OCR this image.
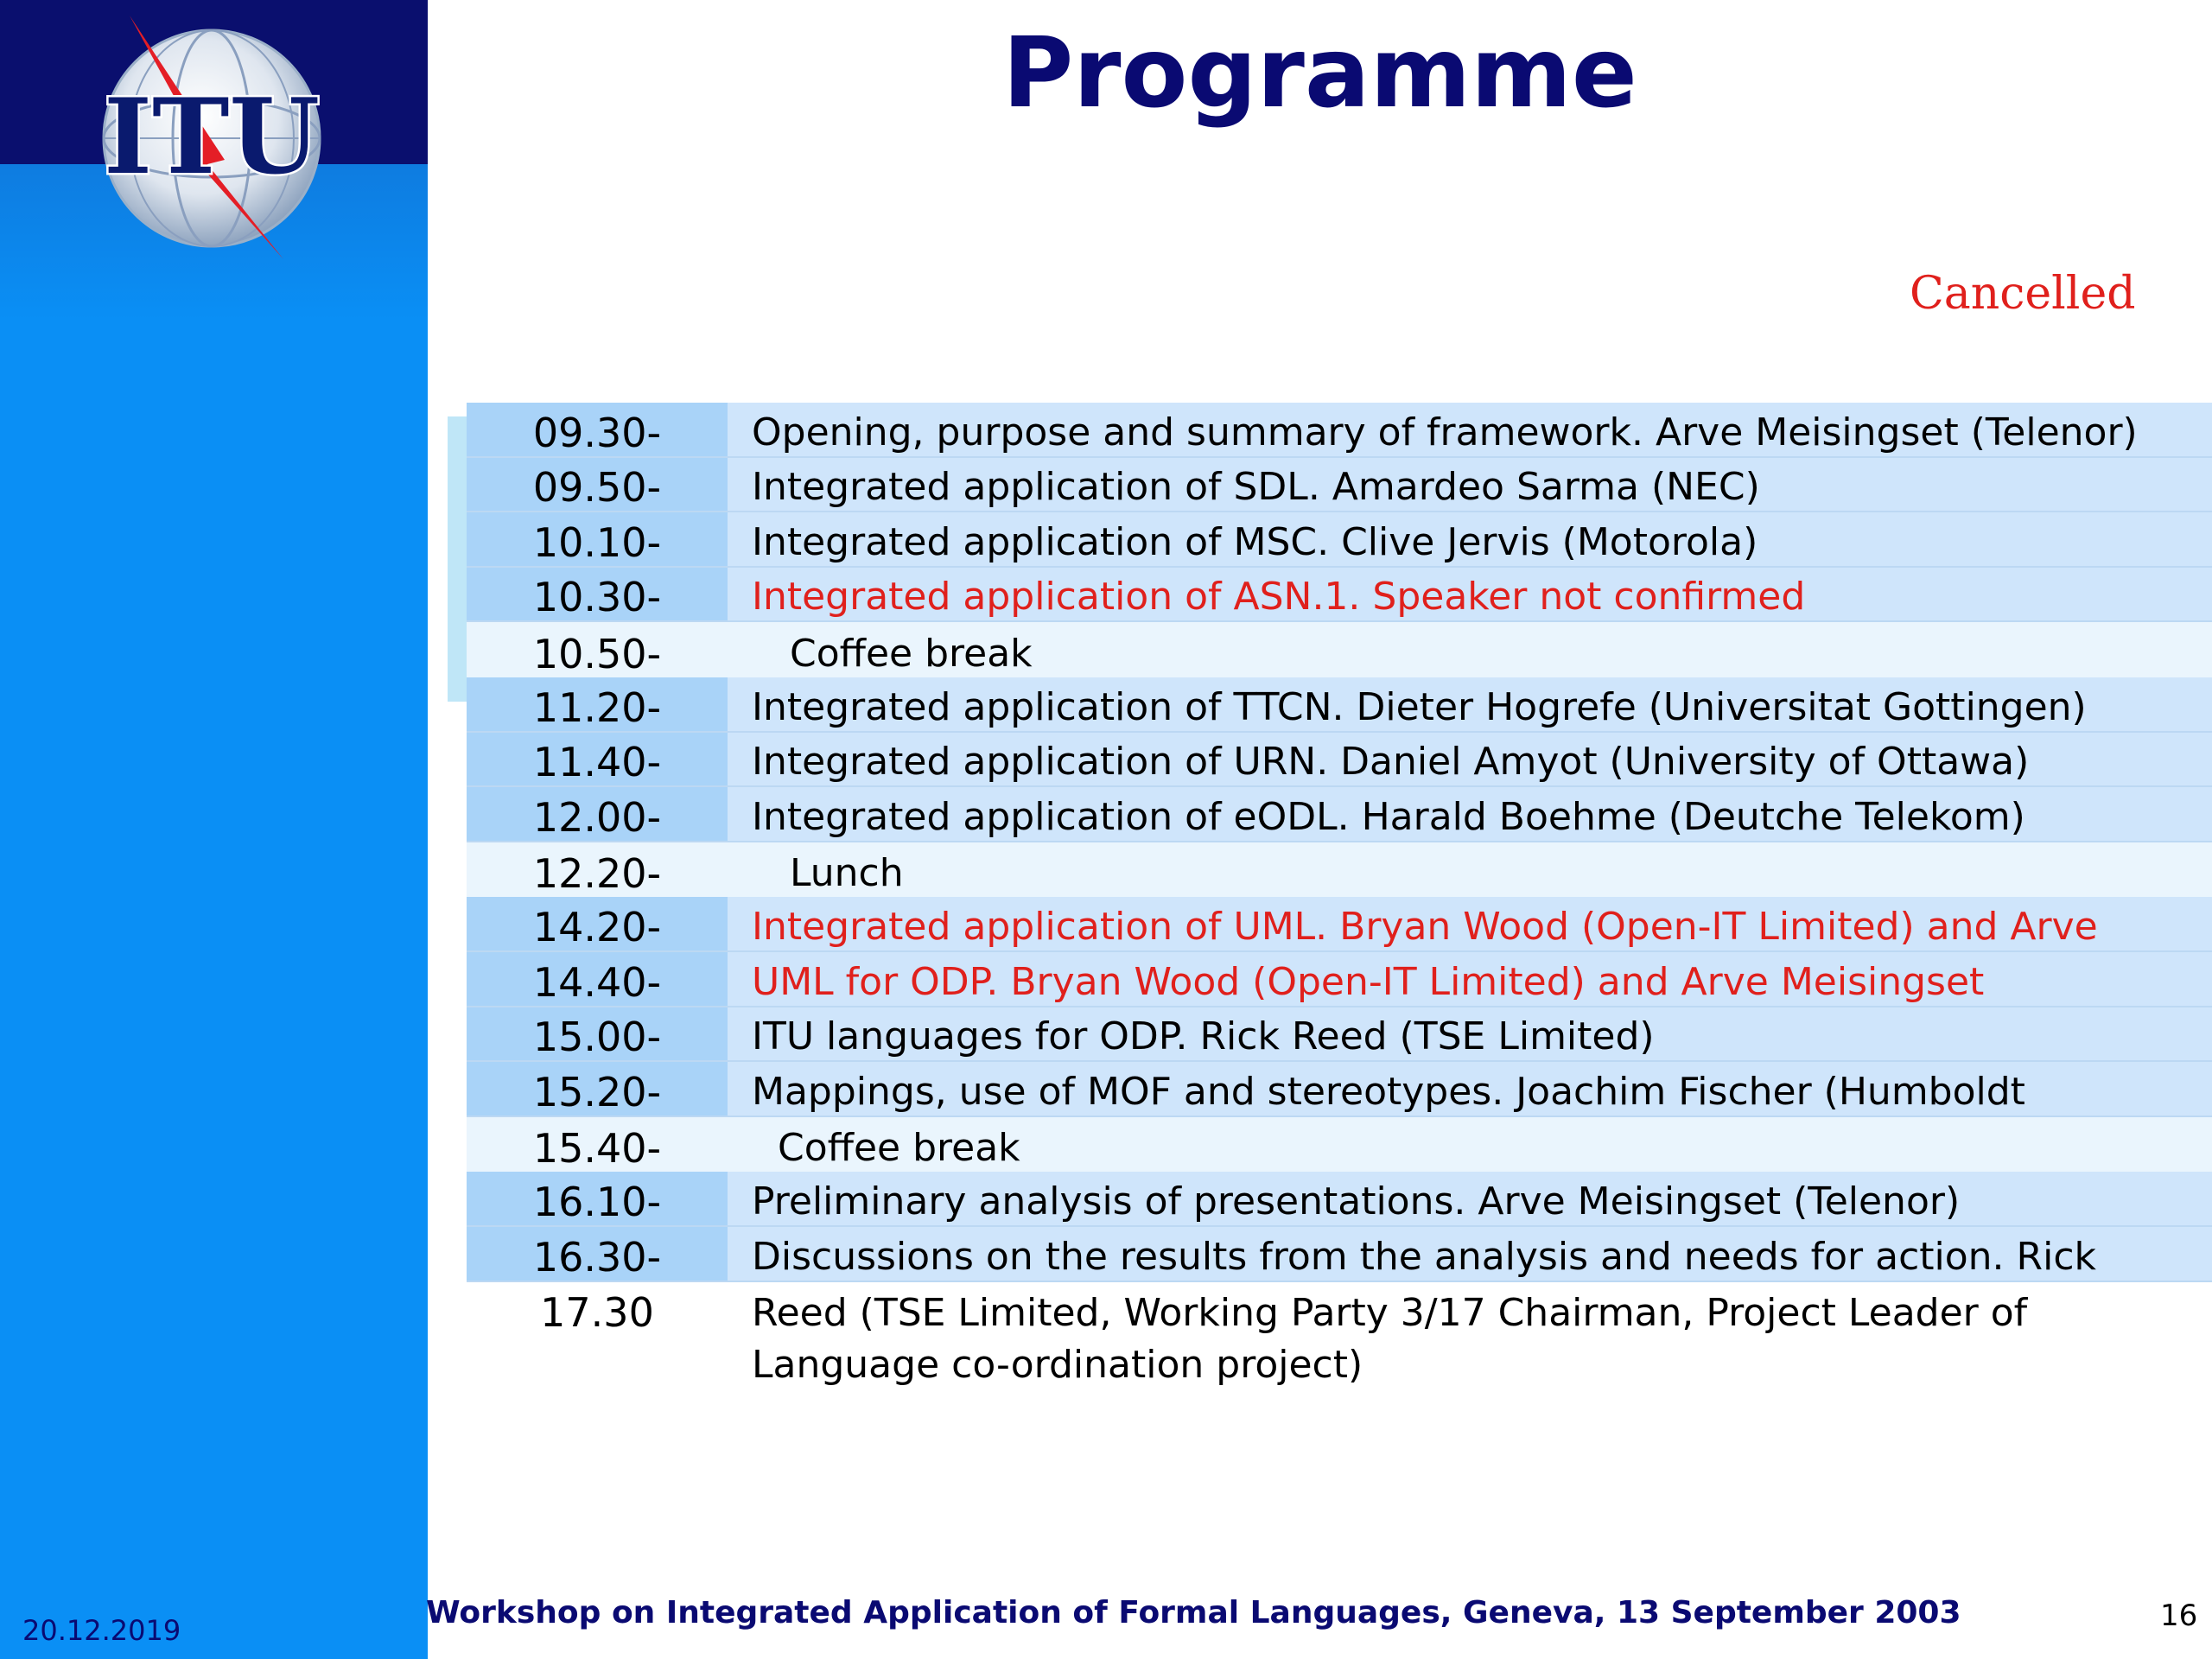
ITU
Programme
Cancelled
09.30-	Opening, purpose and summary of framework. Arve Meisingset (Telenor)
09.50-	Integrated application of SDL. Amardeo Sarma (NEC)
10.10-	Integrated application of MSC. Clive Jervis (Motorola)
10.30-	Integrated application of ASN.1. Speaker not confirmed
10.50-	Coffee break
11.20-	Integrated application of TTCN. Dieter Hogrefe (Universitat Gottingen)
11.40-	Integrated application of URN. Daniel Amyot (University of Ottawa)
12.00-	Integrated application of eODL. Harald Boehme (Deutche Telekom)
12.20-	Lunch
14.20-	Integrated application of UML. Bryan Wood (Open-IT Limited) and Arve
14.40-	UML for ODP. Bryan Wood (Open-IT Limited) and Arve Meisingset
15.00-	ITU languages for ODP. Rick Reed (TSE Limited)
15.20-	Mappings, use of MOF and stereotypes. Joachim Fischer (Humboldt
15.40-	Coffee break
16.10-	Preliminary analysis of presentations. Arve Meisingset (Telenor)
16.30-	Discussions on the results from the analysis and needs for action. Rick
17.30	Reed (TSE Limited, Working Party 3/17 Chairman, Project Leader of Language co-ordination project)
20.12.2019	Workshop on Integrated Application of Formal Languages, Geneva, 13 September 2003	16
